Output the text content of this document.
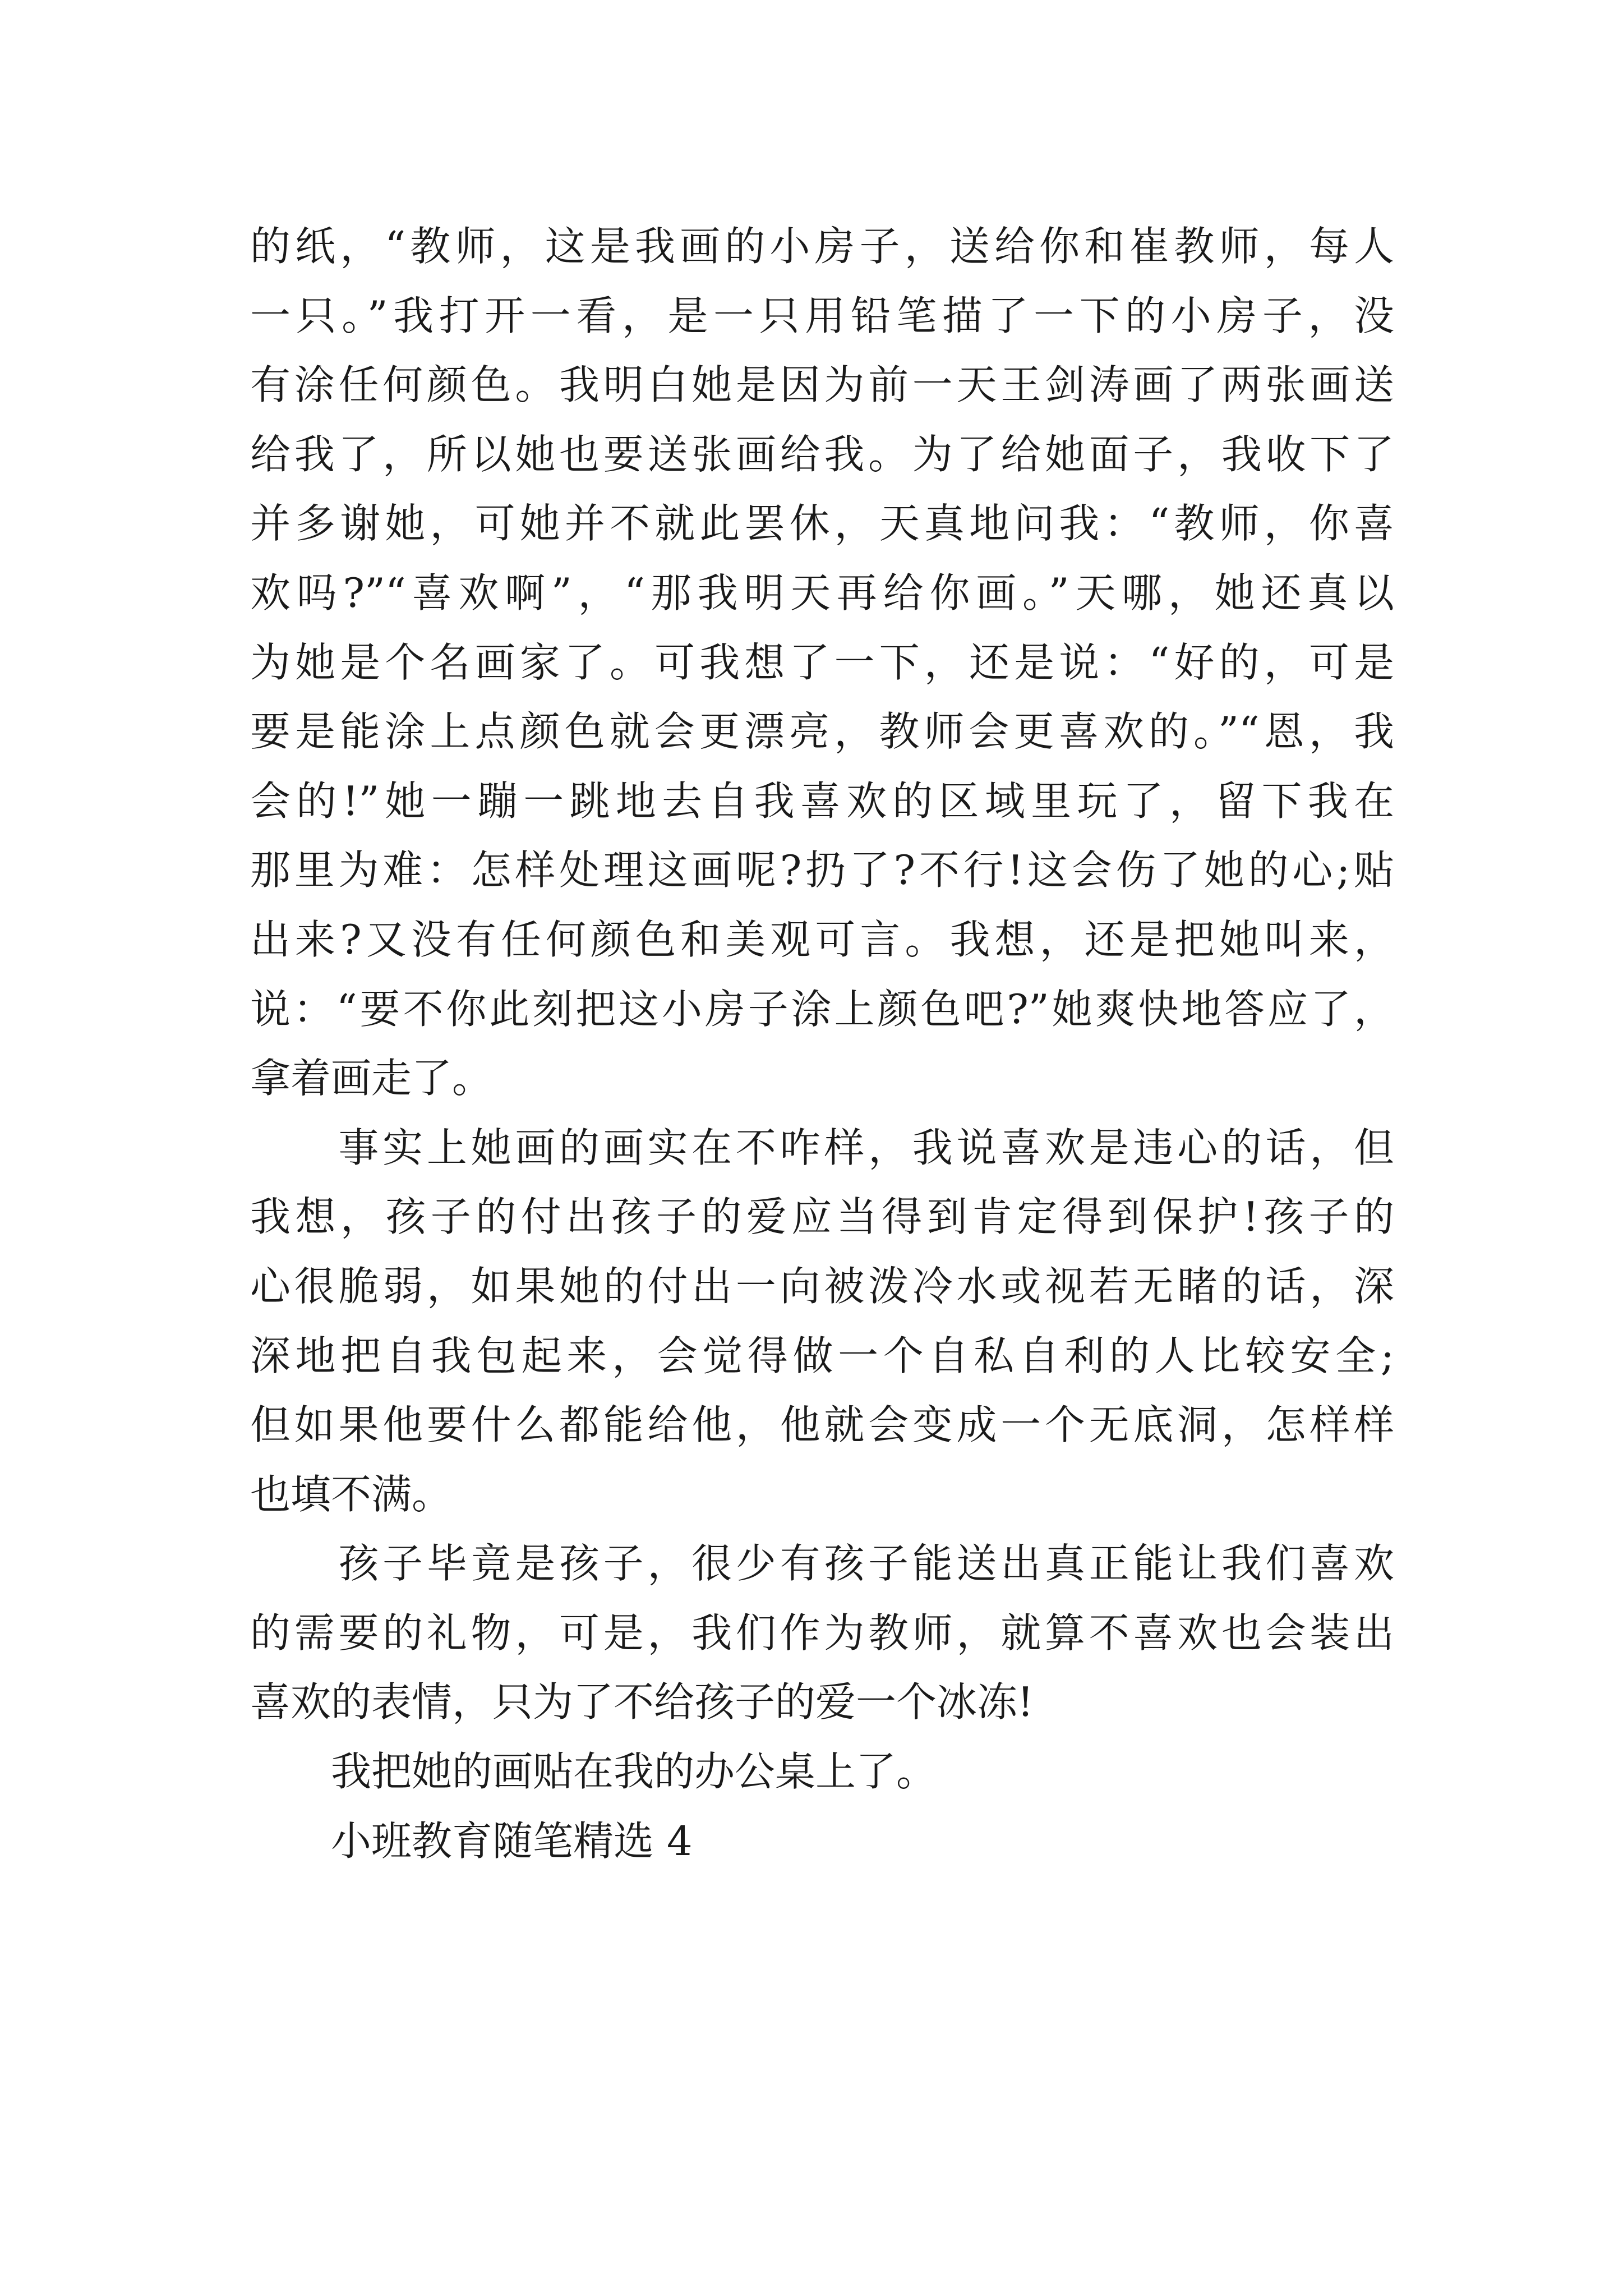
的纸，“教师，这是我画的小房子，送给你和崔教师，每人
一只。”我打开一看，是一只用铅笔描了一下的小房子，没
有涂任何颜色。我明白她是因为前一天王剑涛画了两张画送
给我了，所以她也要送张画给我。为了给她面子，我收下了
并多谢她，可她并不就此罢休，天真地问我：“教师，你喜
欢吗?”“喜欢啊”，“那我明天再给你画。”天哪，她还真以
为她是个名画家了。可我想了一下，还是说：“好的，可是
要是能涂上点颜色就会更漂亮，教师会更喜欢的。”“恩，我
会的!”她一蹦一跳地去自我喜欢的区域里玩了，留下我在
那里为难：怎样处理这画呢?扔了?不行!这会伤了她的心;贴
出来?又没有任何颜色和美观可言。我想，还是把她叫来，
说：“要不你此刻把这小房子涂上颜色吧?”她爽快地答应了，
拿着画走了。
　　事实上她画的画实在不咋样，我说喜欢是违心的话，但
我想，孩子的付出孩子的爱应当得到肯定得到保护!孩子的
心很脆弱，如果她的付出一向被泼冷水或视若无睹的话，深
深地把自我包起来，会觉得做一个自私自利的人比较安全;
但如果他要什么都能给他，他就会变成一个无底洞，怎样样
也填不满。
　　孩子毕竟是孩子，很少有孩子能送出真正能让我们喜欢
的需要的礼物，可是，我们作为教师，就算不喜欢也会装出
喜欢的表情，只为了不给孩子的爱一个冰冻!
　　我把她的画贴在我的办公桌上了。
　　小班教育随笔精选 4
